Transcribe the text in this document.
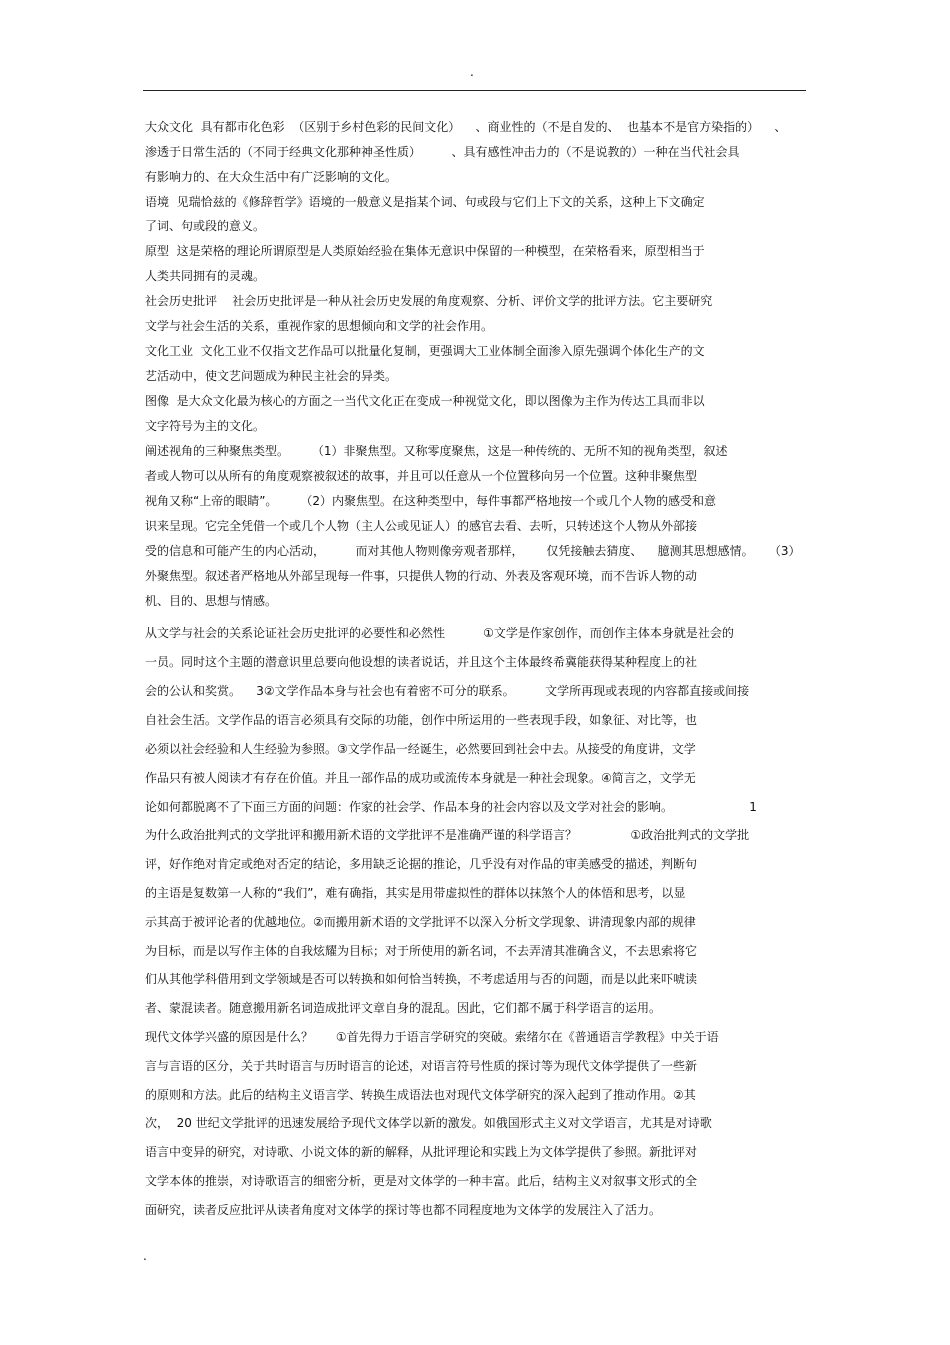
.
大众文化  具有都市化色彩  （区别于乡村色彩的民间文化）    、商业性的（不是自发的、  也基本不是官方染指的）    、
渗透于日常生活的（不同于经典文化那种神圣性质）        、具有感性冲击力的（不是说教的）一种在当代社会具
有影响力的、在大众生活中有广泛影响的文化。
语境  见瑞恰兹的《修辞哲学》语境的一般意义是指某个词、句或段与它们上下文的关系，这种上下文确定
了词、句或段的意义。
原型  这是荣格的理论所谓原型是人类原始经验在集体无意识中保留的一种模型，在荣格看来，原型相当于
人类共同拥有的灵魂。
社会历史批评    社会历史批评是一种从社会历史发展的角度观察、分析、评价文学的批评方法。它主要研究
文学与社会生活的关系，重视作家的思想倾向和文学的社会作用。
文化工业  文化工业不仅指文艺作品可以批量化复制，更强调大工业体制全面渗入原先强调个体化生产的文
艺活动中，使文艺问题成为种民主社会的异类。
图像  是大众文化最为核心的方面之一当代文化正在变成一种视觉文化，即以图像为主作为传达工具而非以
文字符号为主的文化。
阐述视角的三种聚焦类型。      （1）非聚焦型。又称零度聚焦，这是一种传统的、无所不知的视角类型，叙述
者或人物可以从所有的角度观察被叙述的故事，并且可以任意从一个位置移向另一个位置。这种非聚焦型
视角又称“上帝的眼睛”。      （2）内聚焦型。在这种类型中，每件事都严格地按一个或几个人物的感受和意
识来呈现。它完全凭借一个或几个人物（主人公或见证人）的感官去看、去听，只转述这个人物从外部接
受的信息和可能产生的内心活动，        而对其他人物则像旁观者那样，      仅凭接触去猜度、    臆测其思想感情。    （3）
外聚焦型。叙述者严格地从外部呈现每一件事，只提供人物的行动、外表及客观环境，而不告诉人物的动
机、目的、思想与情感。
从文学与社会的关系论证社会历史批评的必要性和必然性          ①文学是作家创作，而创作主体本身就是社会的
一员。同时这个主题的潜意识里总要向他设想的读者说话，并且这个主体最终希冀能获得某种程度上的社
会的公认和奖赏。    3②文学作品本身与社会也有着密不可分的联系。        文学所再现或表现的内容都直接或间接
自社会生活。文学作品的语言必须具有交际的功能，创作中所运用的一些表现手段，如象征、对比等，也
必须以社会经验和人生经验为参照。③文学作品一经诞生，必然要回到社会中去。从接受的角度讲，文学
作品只有被人阅读才有存在价值。并且一部作品的成功或流传本身就是一种社会现象。④简言之，文学无
论如何都脱离不了下面三方面的问题：作家的社会学、作品本身的社会内容以及文学对社会的影响。                    1
为什么政治批判式的文学批评和搬用新术语的文学批评不是准确严谨的科学语言？              ①政治批判式的文学批
评，好作绝对肯定或绝对否定的结论，多用缺乏论据的推论，几乎没有对作品的审美感受的描述，判断句
的主语是复数第一人称的“我们”，难有确指，其实是用带虚拟性的群体以抹煞个人的体悟和思考，以显
示其高于被评论者的优越地位。②而搬用新术语的文学批评不以深入分析文学现象、讲清现象内部的规律
为目标，而是以写作主体的自我炫耀为目标；对于所使用的新名词，不去弄清其准确含义，不去思索将它
们从其他学科借用到文学领域是否可以转换和如何恰当转换，不考虑适用与否的问题，而是以此来吓唬读
者、蒙混读者。随意搬用新名词造成批评文章自身的混乱。因此，它们都不属于科学语言的运用。
现代文体学兴盛的原因是什么？      ①首先得力于语言学研究的突破。索绪尔在《普通语言学教程》中关于语
言与言语的区分，关于共时语言与历时语言的论述，对语言符号性质的探讨等为现代文体学提供了一些新
的原则和方法。此后的结构主义语言学、转换生成语法也对现代文体学研究的深入起到了推动作用。②其
次，  20 世纪文学批评的迅速发展给予现代文体学以新的激发。如俄国形式主义对文学语言，尤其是对诗歌
语言中变异的研究，对诗歌、小说文体的新的解释，从批评理论和实践上为文体学提供了参照。新批评对
文学本体的推崇，对诗歌语言的细密分析，更是对文体学的一种丰富。此后，结构主义对叙事文形式的全
面研究，读者反应批评从读者角度对文体学的探讨等也都不同程度地为文体学的发展注入了活力。
.
